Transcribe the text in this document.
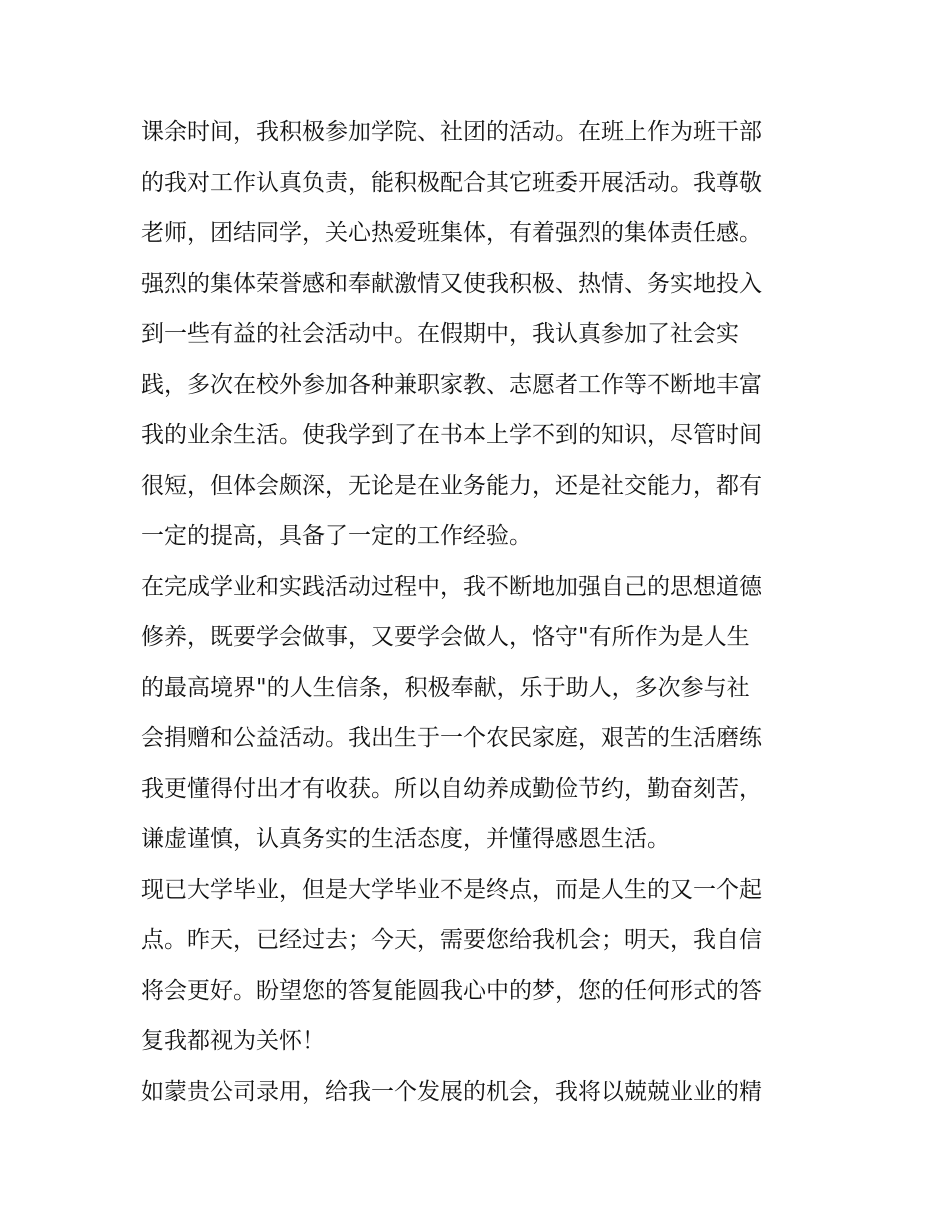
课余时间，我积极参加学院、社团的活动。在班上作为班干部
的我对工作认真负责，能积极配合其它班委开展活动。我尊敬
老师，团结同学，关心热爱班集体，有着强烈的集体责任感。
强烈的集体荣誉感和奉献激情又使我积极、热情、务实地投入
到一些有益的社会活动中。在假期中，我认真参加了社会实
践，多次在校外参加各种兼职家教、志愿者工作等不断地丰富
我的业余生活。使我学到了在书本上学不到的知识，尽管时间
很短，但体会颇深，无论是在业务能力，还是社交能力，都有
一定的提高，具备了一定的工作经验。
在完成学业和实践活动过程中，我不断地加强自己的思想道德
修养，既要学会做事，又要学会做人，恪守"有所作为是人生
的最高境界"的人生信条，积极奉献，乐于助人，多次参与社
会捐赠和公益活动。我出生于一个农民家庭，艰苦的生活磨练
我更懂得付出才有收获。所以自幼养成勤俭节约，勤奋刻苦，
谦虚谨慎，认真务实的生活态度，并懂得感恩生活。
现已大学毕业，但是大学毕业不是终点，而是人生的又一个起
点。昨天，已经过去；今天，需要您给我机会；明天，我自信
将会更好。盼望您的答复能圆我心中的梦，您的任何形式的答
复我都视为关怀！
如蒙贵公司录用，给我一个发展的机会，我将以兢兢业业的精
